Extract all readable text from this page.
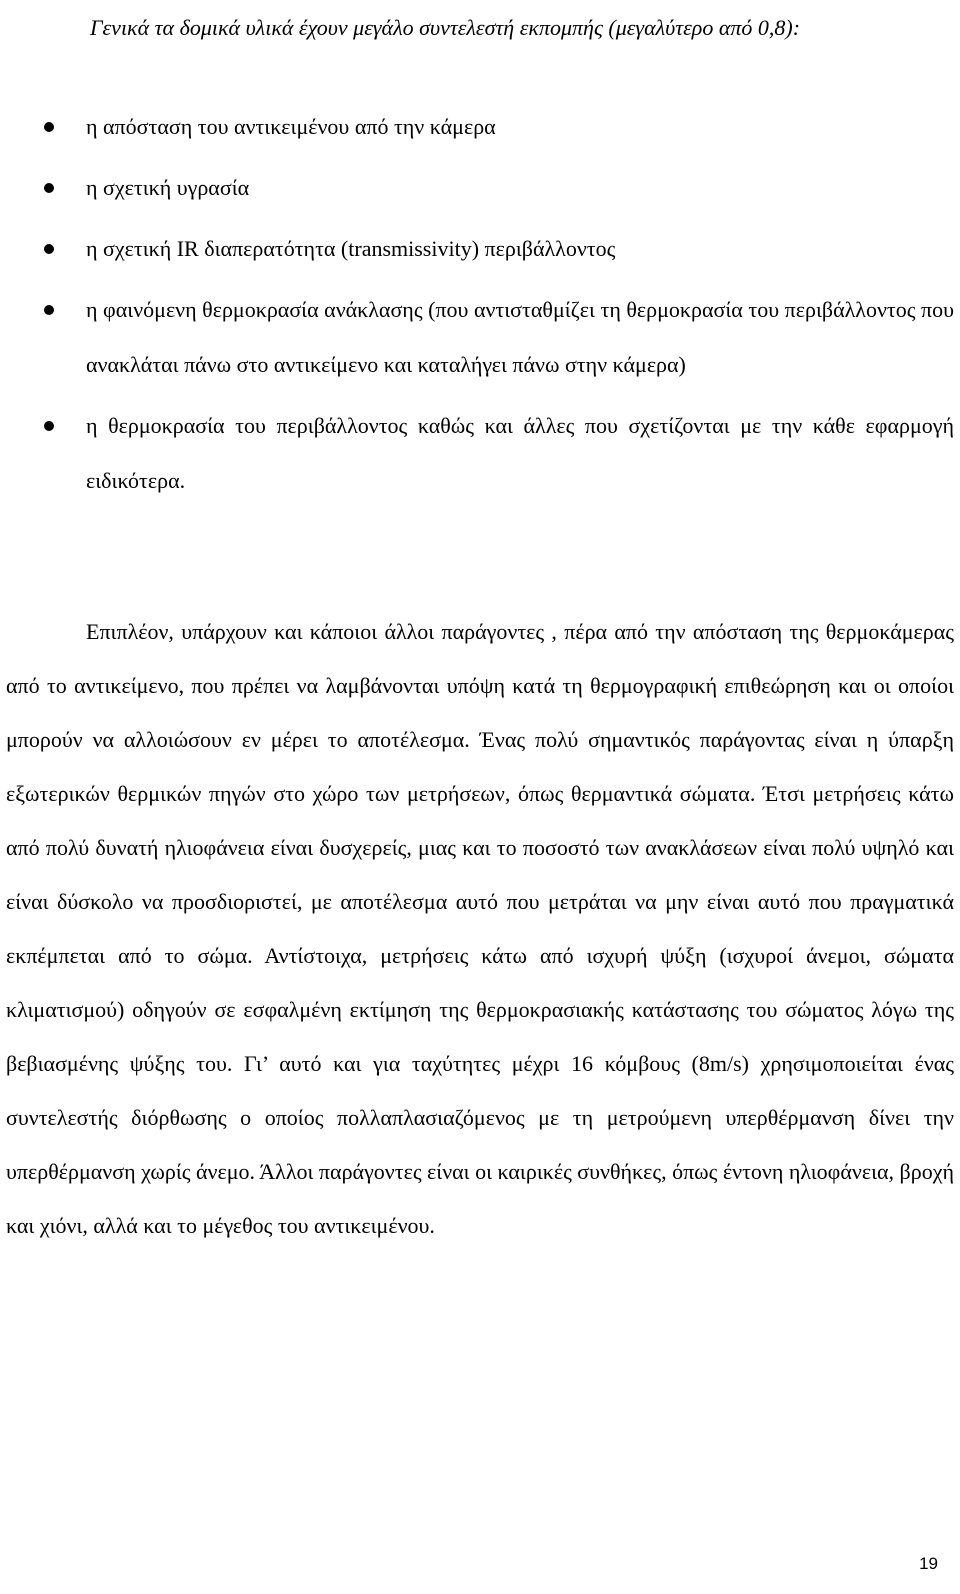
Γενικά τα δομικά υλικά έχουν μεγάλο συντελεστή εκπομπής (μεγαλύτερο από 0,8):

η απόσταση του αντικειμένου από την κάμερα
η σχετική υγρασία
η σχετική IR διαπερατότητα (transmissivity) περιβάλλοντος
η φαινόμενη θερμοκρασία ανάκλασης (που αντισταθμίζει τη θερμοκρασία του περιβάλλοντος που ανακλάται πάνω στο αντικείμενο και καταλήγει πάνω στην κάμερα)
η θερμοκρασία του περιβάλλοντος καθώς και άλλες που σχετίζονται με την κάθε εφαρμογή ειδικότερα.

Επιπλέον, υπάρχουν και κάποιοι άλλοι παράγοντες , πέρα από την απόσταση της θερμοκάμερας από το αντικείμενο, που πρέπει να λαμβάνονται υπόψη κατά τη θερμογραφική επιθεώρηση και οι οποίοι μπορούν να αλλοιώσουν εν μέρει το αποτέλεσμα. Ένας πολύ σημαντικός παράγοντας είναι η ύπαρξη εξωτερικών θερμικών πηγών στο χώρο των μετρήσεων, όπως θερμαντικά σώματα. Έτσι μετρήσεις κάτω από πολύ δυνατή ηλιοφάνεια είναι δυσχερείς, μιας και το ποσοστό των ανακλάσεων είναι πολύ υψηλό και είναι δύσκολο να προσδιοριστεί, με αποτέλεσμα αυτό που μετράται να μην είναι αυτό που πραγματικά εκπέμπεται από το σώμα. Αντίστοιχα, μετρήσεις κάτω από ισχυρή ψύξη (ισχυροί άνεμοι, σώματα κλιματισμού) οδηγούν σε εσφαλμένη εκτίμηση της θερμοκρασιακής κατάστασης του σώματος λόγω της βεβιασμένης ψύξης του. Γι’ αυτό και για ταχύτητες μέχρι 16 κόμβους (8m/s) χρησιμοποιείται ένας συντελεστής διόρθωσης ο οποίος πολλαπλασιαζόμενος με τη μετρούμενη υπερθέρμανση δίνει την υπερθέρμανση χωρίς άνεμο. Άλλοι παράγοντες είναι οι καιρικές συνθήκες, όπως έντονη ηλιοφάνεια, βροχή και χιόνι, αλλά και το μέγεθος του αντικειμένου.

19
